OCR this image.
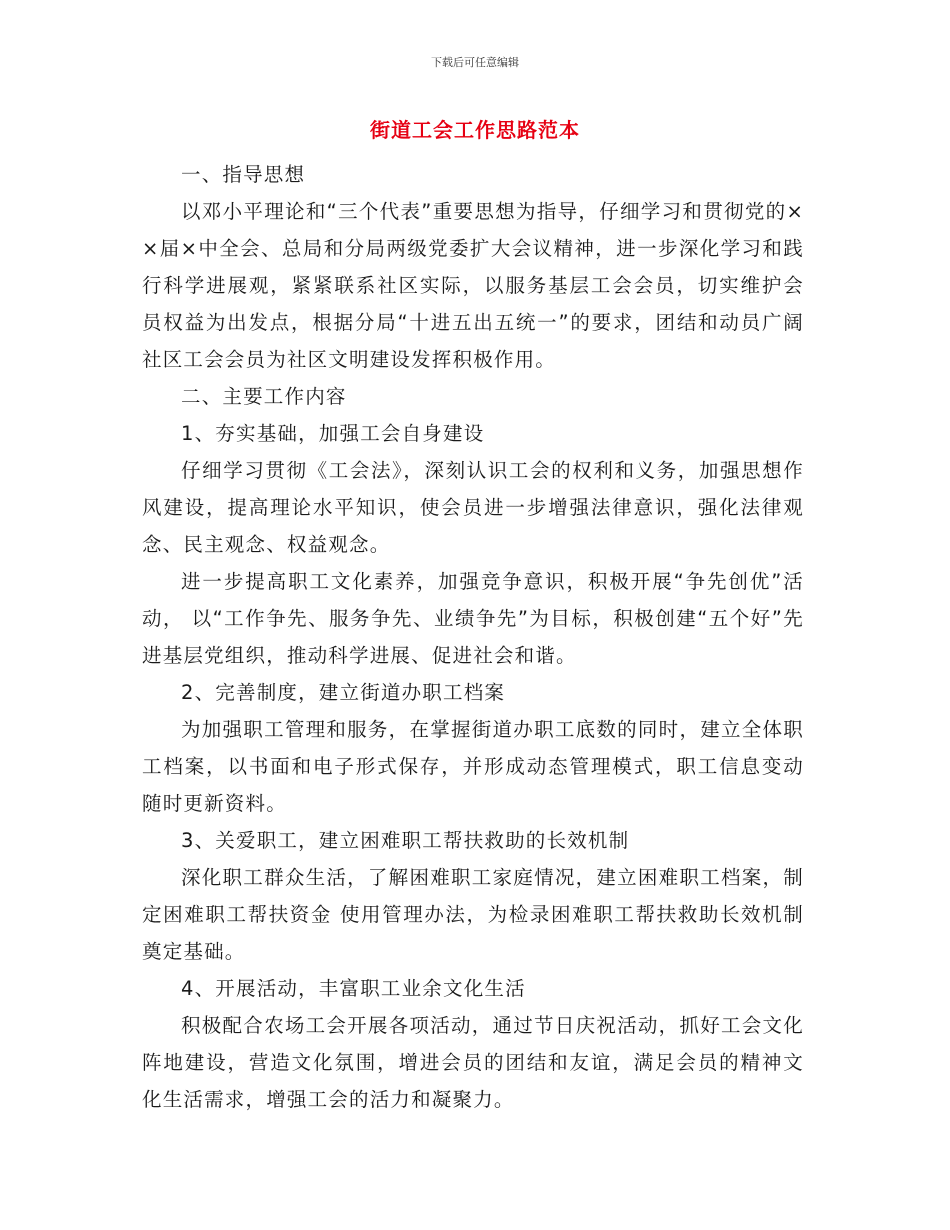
下载后可任意编辑
街道工会工作思路范本

一、指导思想

以邓小平理论和“三个代表”重要思想为指导，仔细学习和贯彻党的××届×中全会、总局和分局两级党委扩大会议精神，进一步深化学习和践行科学进展观，紧紧联系社区实际，以服务基层工会会员，切实维护会员权益为出发点，根据分局“十进五出五统一”的要求，团结和动员广阔社区工会会员为社区文明建设发挥积极作用。

二、主要工作内容

1、夯实基础，加强工会自身建设

仔细学习贯彻《工会法》，深刻认识工会的权利和义务，加强思想作风建设，提高理论水平知识，使会员进一步增强法律意识，强化法律观念、民主观念、权益观念。

进一步提高职工文化素养，加强竞争意识，积极开展“争先创优”活动， 以“工作争先、服务争先、业绩争先”为目标，积极创建“五个好”先进基层党组织，推动科学进展、促进社会和谐。

2、完善制度，建立街道办职工档案

为加强职工管理和服务，在掌握街道办职工底数的同时，建立全体职工档案，以书面和电子形式保存，并形成动态管理模式，职工信息变动随时更新资料。

3、关爱职工，建立困难职工帮扶救助的长效机制

深化职工群众生活，了解困难职工家庭情况，建立困难职工档案，制定困难职工帮扶资金 使用管理办法，为检录困难职工帮扶救助长效机制奠定基础。

4、开展活动，丰富职工业余文化生活

积极配合农场工会开展各项活动，通过节日庆祝活动，抓好工会文化阵地建设，营造文化氛围，增进会员的团结和友谊，满足会员的精神文化生活需求，增强工会的活力和凝聚力。
